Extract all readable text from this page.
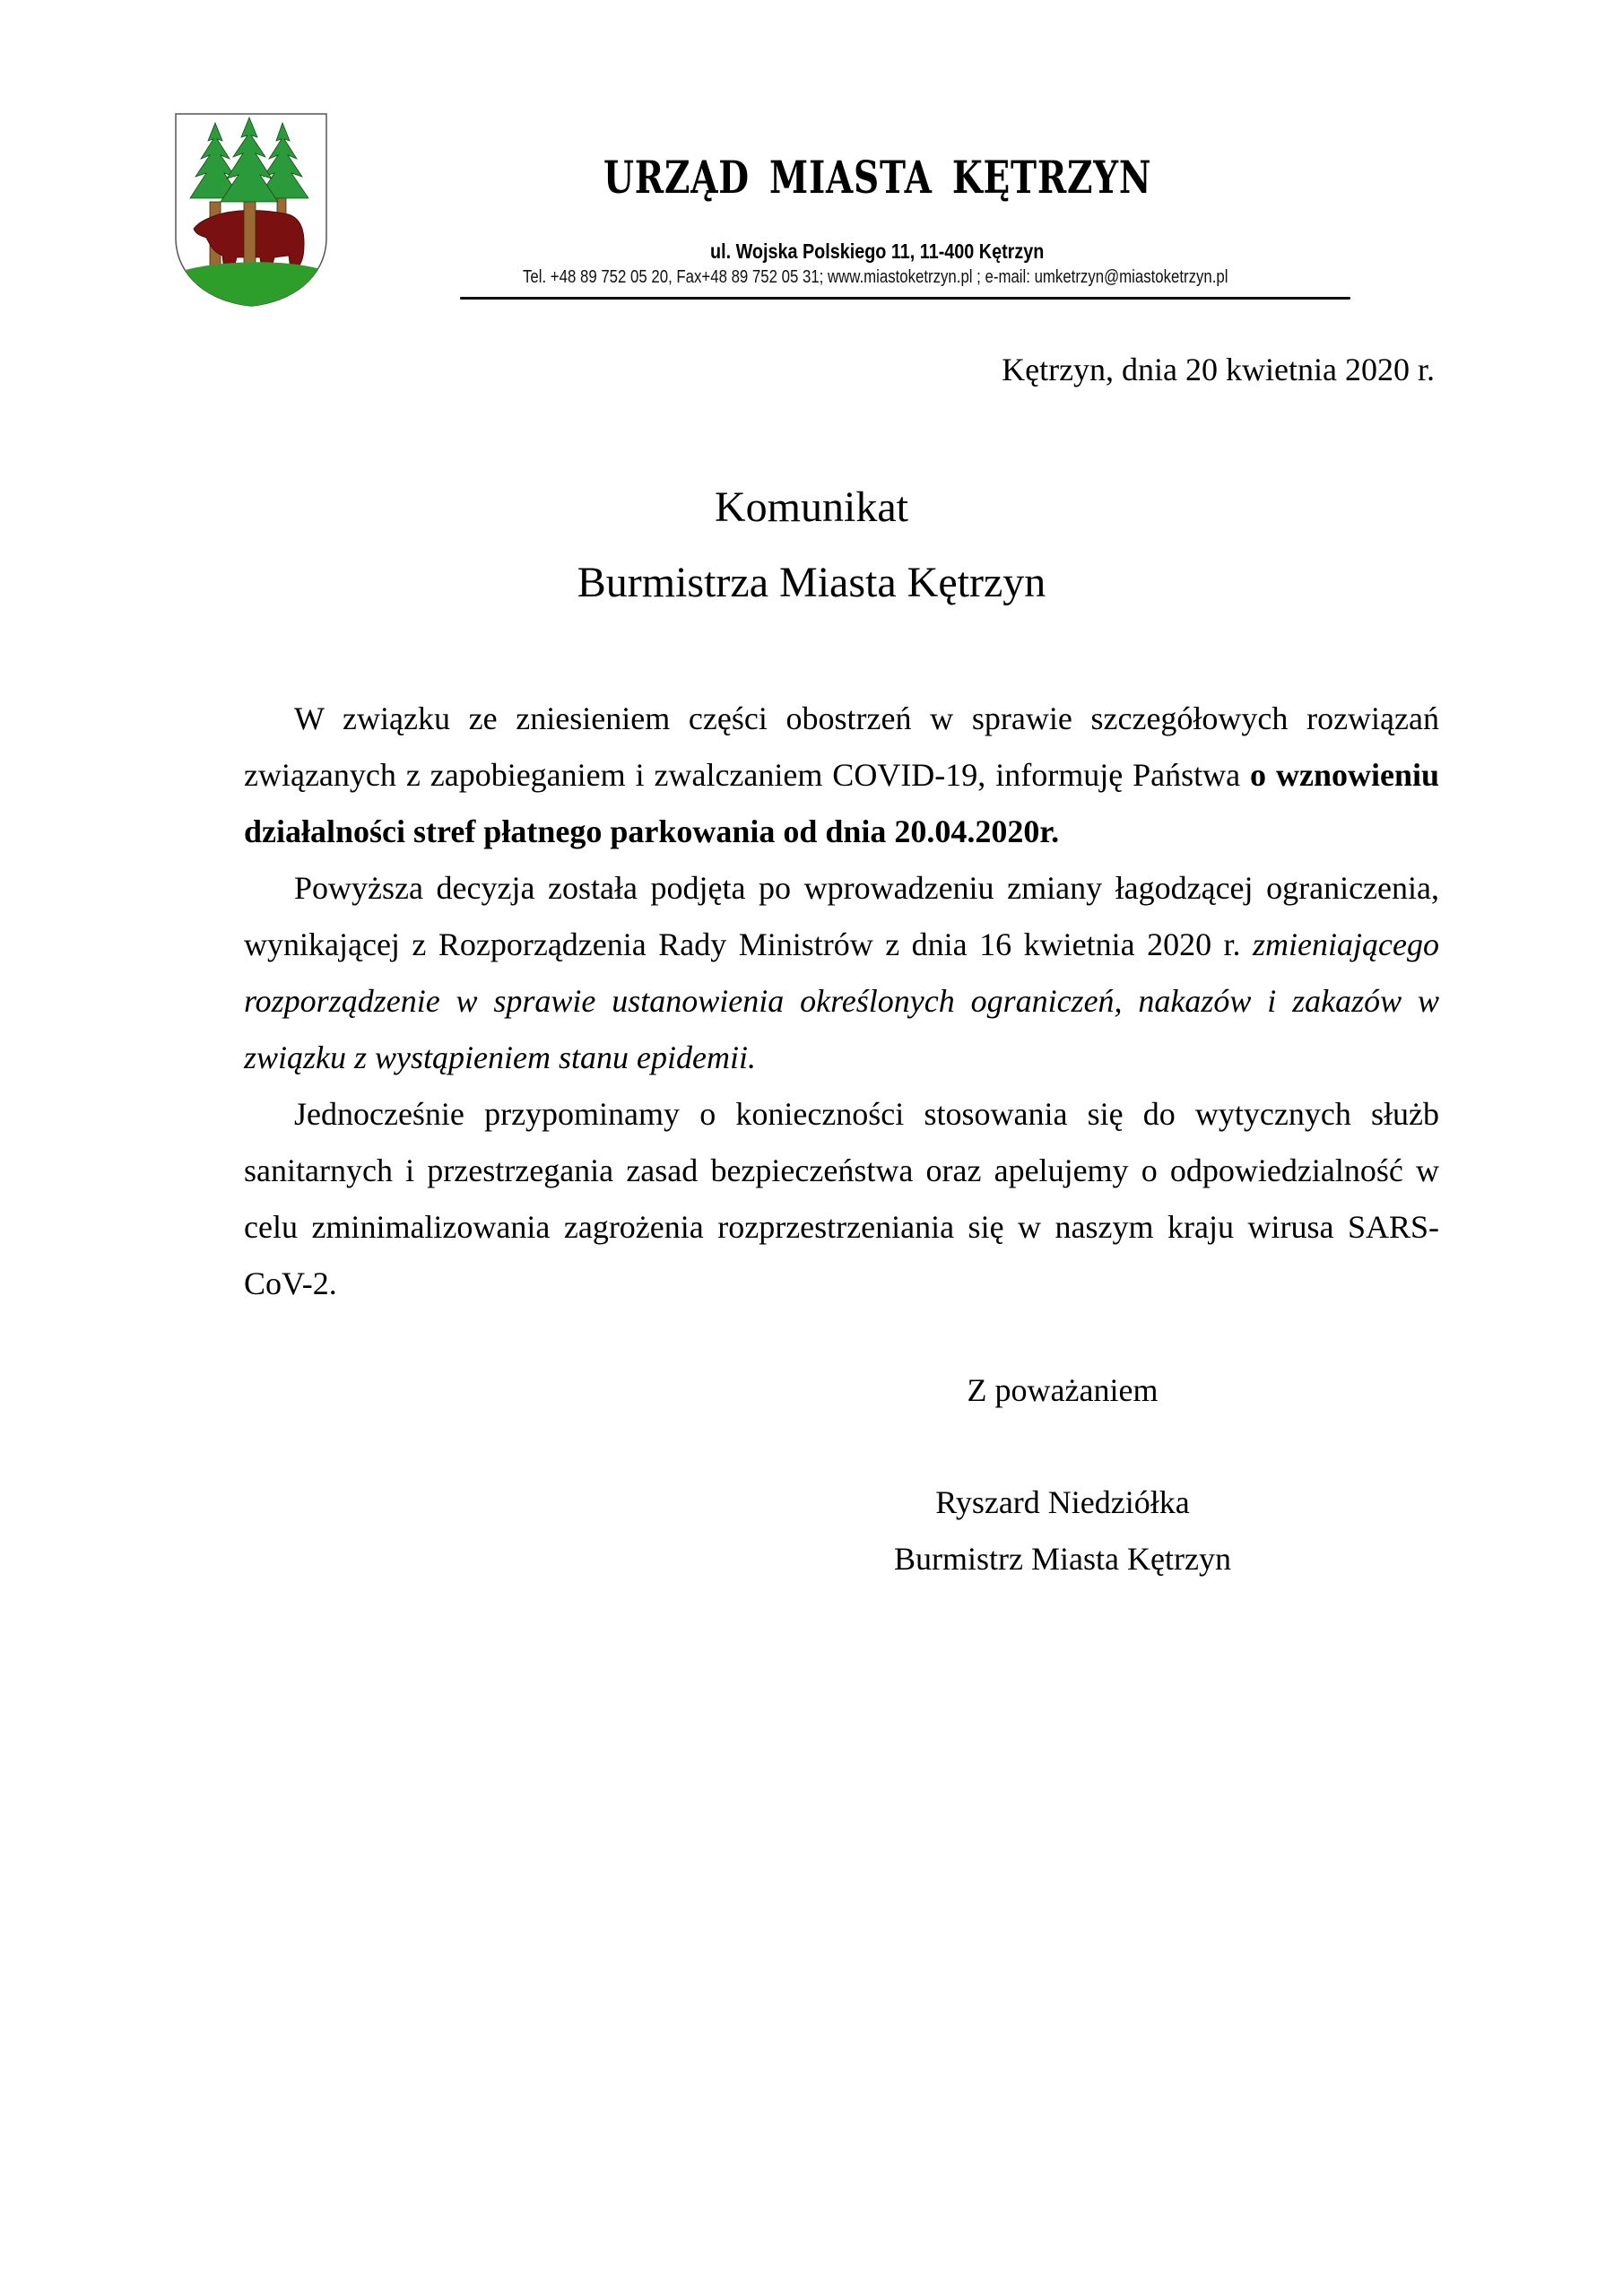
URZĄD MIASTA KĘTRZYN
ul. Wojska Polskiego 11, 11-400 Kętrzyn
Tel. +48 89 752 05 20, Fax+48 89 752 05 31; www.miastoketrzyn.pl ; e-mail: umketrzyn@miastoketrzyn.pl
Kętrzyn, dnia 20 kwietnia 2020 r.
Komunikat
Burmistrza Miasta Kętrzyn

W związku ze zniesieniem części obostrzeń w sprawie szczegółowych rozwiązań związanych z zapobieganiem i zwalczaniem COVID-19, informuję Państwa o wznowieniu działalności stref płatnego parkowania od dnia 20.04.2020r.

Powyższa decyzja została podjęta po wprowadzeniu zmiany łagodzącej ograniczenia, wynikającej z Rozporządzenia Rady Ministrów z dnia 16 kwietnia 2020 r. zmieniającego rozporządzenie w sprawie ustanowienia określonych ograniczeń, nakazów i zakazów w związku z wystąpieniem stanu epidemii.

Jednocześnie przypominamy o konieczności stosowania się do wytycznych służb sanitarnych i przestrzegania zasad bezpieczeństwa oraz apelujemy o odpowiedzialność w celu zminimalizowania zagrożenia rozprzestrzeniania się w naszym kraju wirusa SARS-CoV-2.

Z poważaniem
Ryszard Niedziółka
Burmistrz Miasta Kętrzyn
